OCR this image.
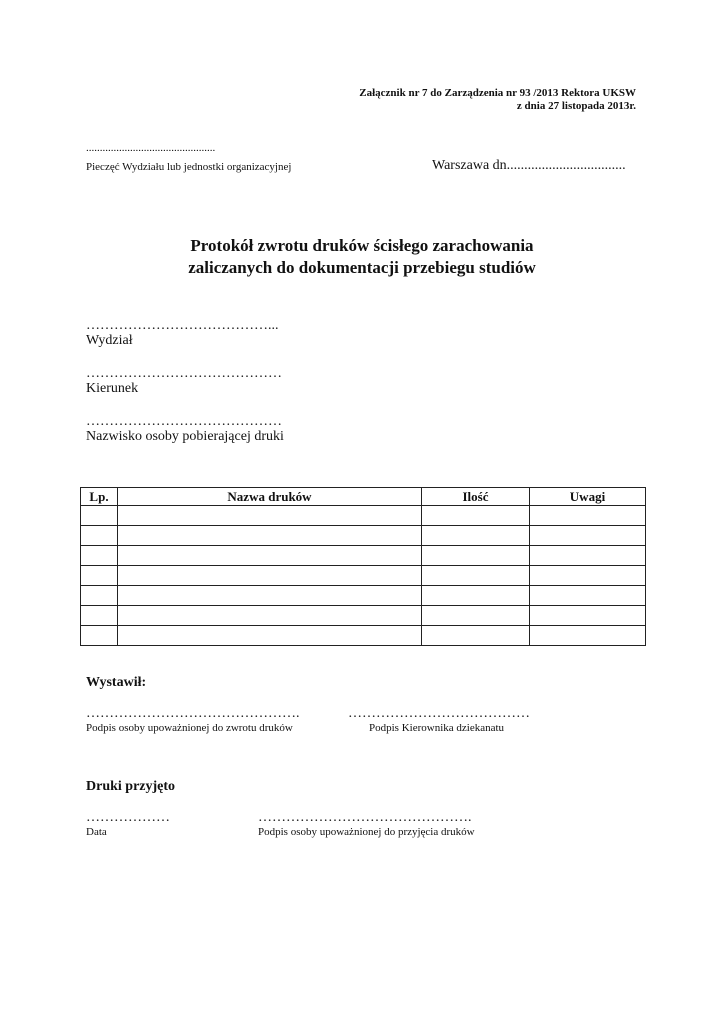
Załącznik nr 7 do Zarządzenia nr 93 /2013 Rektora UKSW
z dnia 27 listopada 2013r.
...............................................
Pieczęć Wydziału lub jednostki organizacyjnej	Warszawa dn..................................
Protokół zwrotu druków ścisłego zarachowania
zaliczanych do dokumentacji przebiegu studiów
…………………………………...
Wydział
……………………………………
Kierunek
……………………………………
Nazwisko osoby pobierającej druki
Lp.	Nazwa druków	Ilość	Uwagi

Wystawił:
……………………………………….
Podpis osoby upoważnionej do zwrotu druków
…………………………………
Podpis Kierownika dziekanatu
Druki przyjęto
………………
Data
……………………………………….
Podpis osoby upoważnionej do przyjęcia druków
